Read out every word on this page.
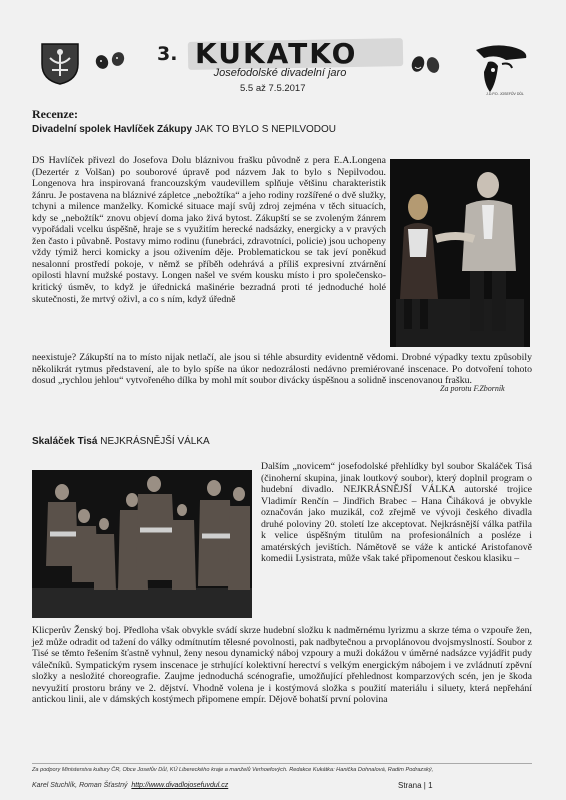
J.D.P.D. JOSEFŮV DŮL
3. KUKATKO
Josefodolské divadelní jaro
5.5 až 7.5.2017
Recenze:
Divadelní spolek Havlíček Zákupy JAK TO BYLO S NEPILVODOU
DS Havlíček přivezl do Josefova Dolu bláznivou frašku původně z pera E.A.Longena (Dezertér z Volšan) po souborové úpravě pod názvem Jak to bylo s Nepilvodou. Longenova hra inspirovaná francouzským vaudevillem splňuje většinu charakteristik žánru. Je postavena na bláznivé zápletce „nebožtíka“ a jeho rodiny rozšířené o dvě služky, tchyni a milence manželky. Komické situace mají svůj zdroj zejména v těch situacích, kdy se „nebožtík“ znovu objeví doma jako živá bytost. Zákupští se se zvoleným žánrem vypořádali vcelku úspěšně, hraje se s využitím herecké nadsázky, energicky a v pravých žen často i půvabně. Postavy mimo rodinu (funebráci, zdravotníci, policie) jsou uchopeny vždy týmiž herci komicky a jsou oživením děje. Problematickou se tak jeví poněkud nesalonní prostředí pokoje, v němž se příběh odehrává a příliš expresivní ztvárnění opilosti hlavní mužské postavy. Longen našel ve svém kousku místo i pro společensko-kritický úsměv, to když je úřednická mašinérie bezradná proti té jednoduché holé skutečnosti, že mrtvý oživl, a co s ním, když úředně
neexistuje? Zákupští na to místo nijak netlačí, ale jsou si téhle absurdity evidentně vědomi. Drobné výpadky textu způsobily několikrát rytmus představení, ale to bylo spíše na úkor nedozrálosti nedávno premiérované inscenace. Po dotvoření tohoto dosud „rychlou jehlou“ vytvořeného dílka by mohl mít soubor divácky úspěšnou a solidně inscenovanou frašku.
Za porotu F.Zborník
Skaláček Tisá NEJKRÁSNĚJŠÍ VÁLKA
Dalším „novicem“ josefodolské přehlídky byl soubor Skaláček Tisá (činoherní skupina, jinak loutkový soubor), který doplnil program o hudební divadlo. NEJKRÁSNĚJŠÍ VÁLKA autorské trojice Vladimír Renčín – Jindřich Brabec – Hana Čiháková je obvykle označován jako muzikál, což zřejmě ve vývoji českého divadla druhé poloviny 20. století lze akceptovat. Nejkrásnější válka patřila k velice úspěšným titulům na profesionálních a posléze i amatérských jevištích. Námětově se váže k antické Aristofanově komedii Lysistrata, může však také připomenout českou klasiku –
Klicperův Ženský boj. Předloha však obvykle svádí skrze hudební složku k nadměrnému lyrizmu a skrze téma o vzpouře žen, jež může odradit od tažení do války odmítnutím tělesné povolnosti, pak nadbytečnou a prvoplánovou dvojsmyslností. Soubor z Tisé se těmto řešením šťastně vyhnul, ženy nesou dynamický náboj vzpoury a muži dokážou v úměrné nadsázce vyjádřit pudy válečníků. Sympatickým rysem inscenace je strhující kolektivní herectví s velkým energickým nábojem i ve zvládnutí zpěvní složky a nesložité choreografie. Zaujme jednoduchá scénografie, umožňující přehlednost komparzových scén, jen je škoda nevyužití prostoru brány ve 2. dějství. Vhodně volena je i kostýmová složka s použití materiálu i siluety, která nepřehání antickou linii, ale v dámských kostýmech připomene empír. Dějově bohatší první polovina
Za podpory Ministerstva kultury ČR, Obce Josefův Důl, KÚ Libereckého kraje a manželů Verhoefových. Redakce Kukátka: Hanička Dohnalová, Radim Podrazský,
Karel Stuchlík, Roman Šťastný http://www.divadlojosefuvdul.cz	Strana | 1
